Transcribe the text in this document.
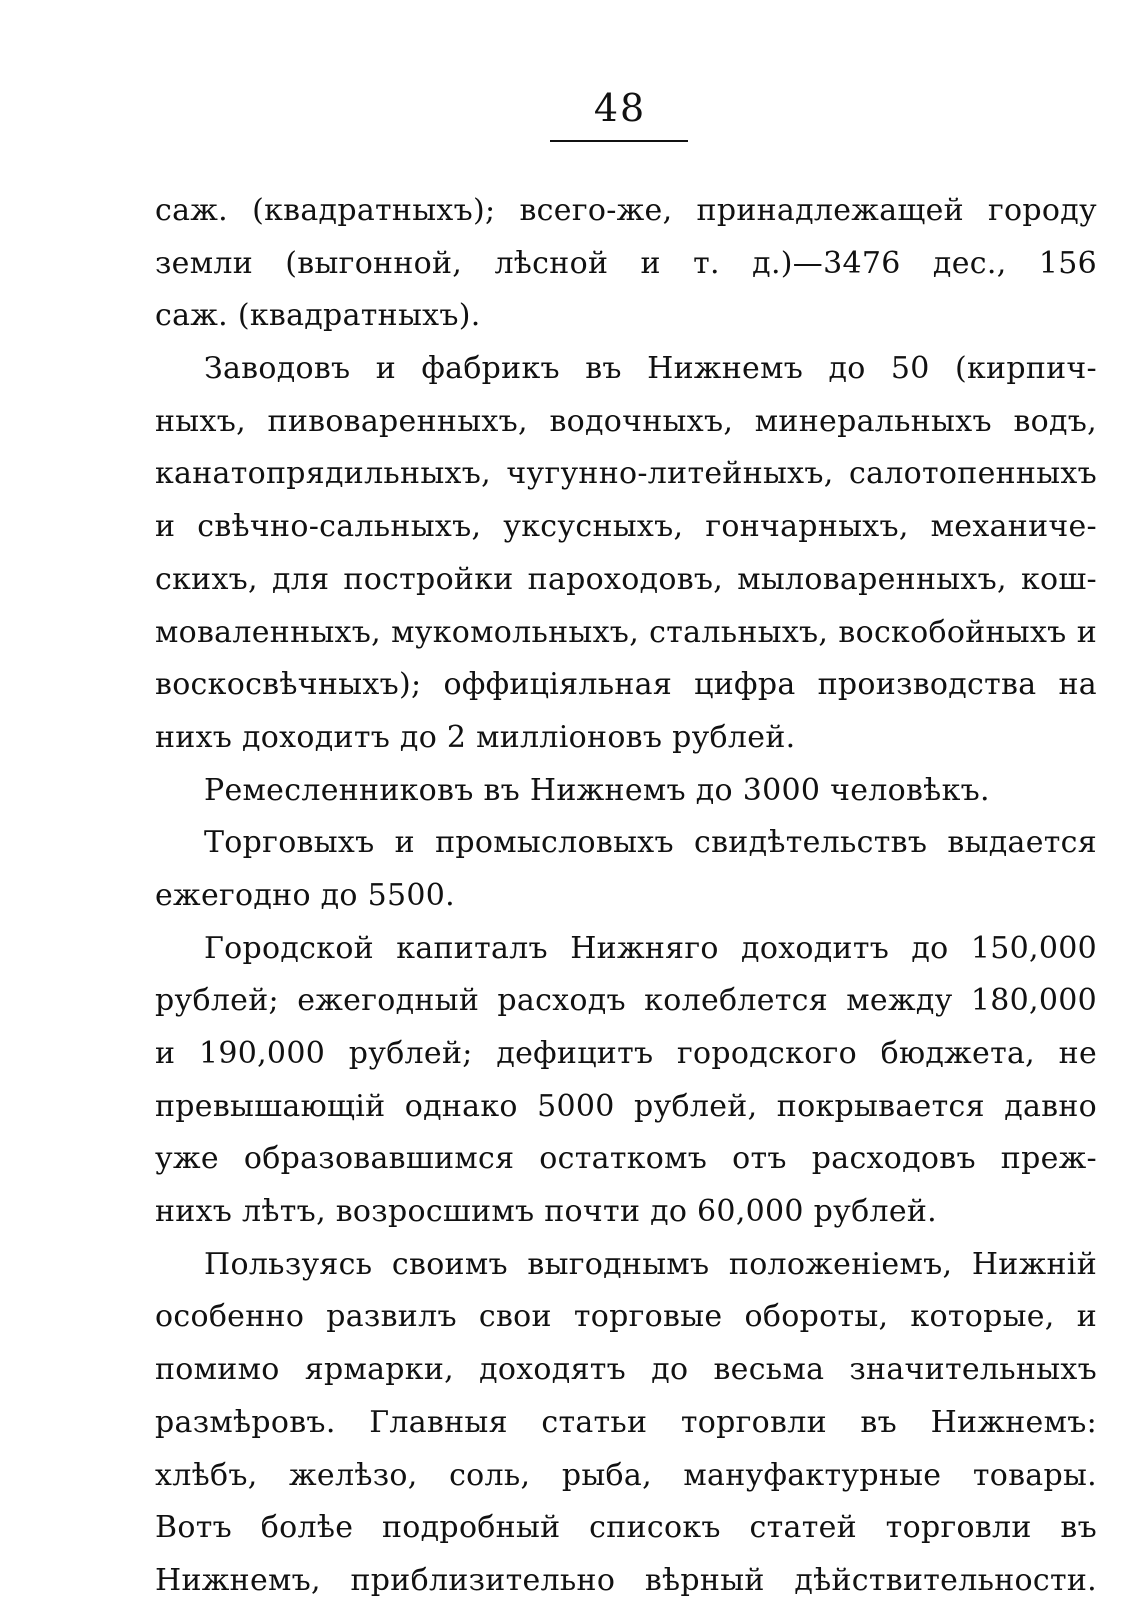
48
саж. (квадратныхъ); всего-же, принадлежащей городу
земли (выгонной, лѣсной и т. д.)—3476 дес., 156
саж. (квадратныхъ).
Заводовъ и фабрикъ въ Нижнемъ до 50 (кирпич-
ныхъ, пивоваренныхъ, водочныхъ, минеральныхъ водъ,
канатопрядильныхъ, чугунно-литейныхъ, салотопенныхъ
и свѣчно-сальныхъ, уксусныхъ, гончарныхъ, механиче-
скихъ, для постройки пароходовъ, мыловаренныхъ, кош-
моваленныхъ, мукомольныхъ, стальныхъ, воскобойныхъ и
воскосвѣчныхъ); оффиціяльная цифра производства на
нихъ доходитъ до 2 милліоновъ рублей.
Ремесленниковъ въ Нижнемъ до 3000 человѣкъ.
Торговыхъ и промысловыхъ свидѣтельствъ выдается
ежегодно до 5500.
Городской капиталъ Нижняго доходитъ до 150,000
рублей; ежегодный расходъ колеблется между 180,000
и 190,000 рублей; дефицитъ городского бюджета, не
превышающій однако 5000 рублей, покрывается давно
уже образовавшимся остаткомъ отъ расходовъ преж-
нихъ лѣтъ, возросшимъ почти до 60,000 рублей.
Пользуясь своимъ выгоднымъ положеніемъ, Нижній
особенно развилъ свои торговые обороты, которые, и
помимо ярмарки, доходятъ до весьма значительныхъ
размѣровъ. Главныя статьи торговли въ Нижнемъ:
хлѣбъ, желѣзо, соль, рыба, мануфактурные товары.
Вотъ болѣе подробный списокъ статей торговли въ
Нижнемъ, приблизительно вѣрный дѣйствительности.
